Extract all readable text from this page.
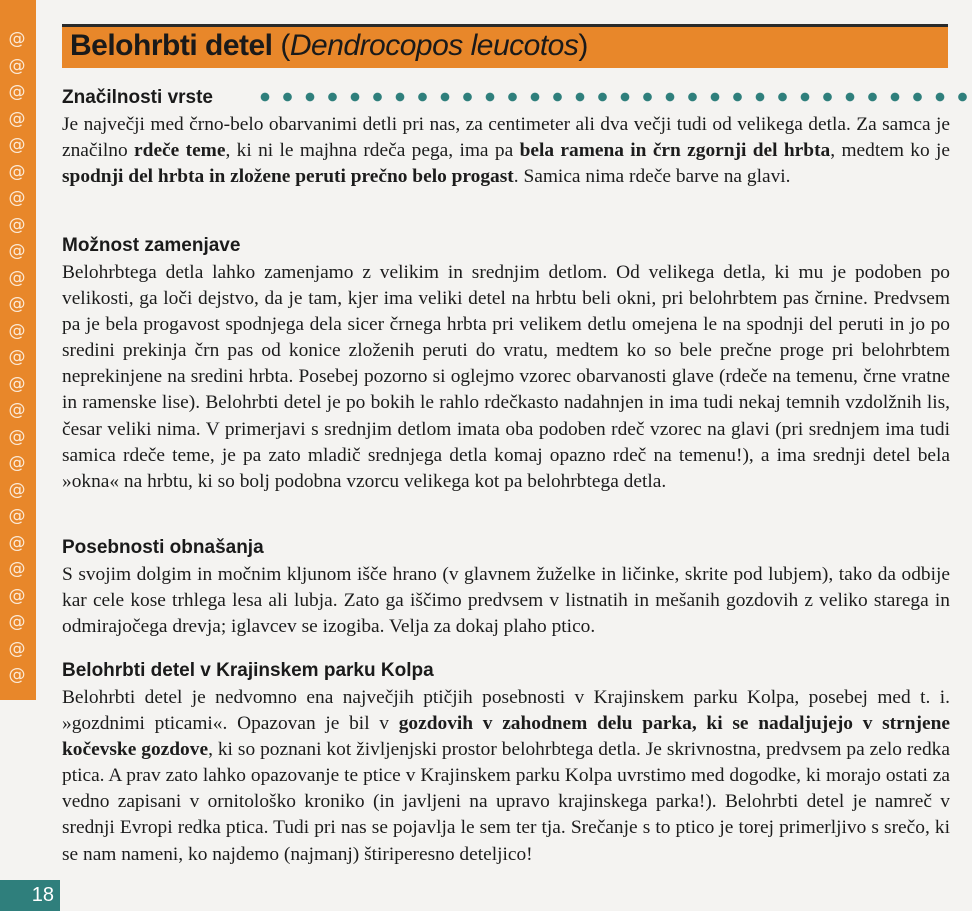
@
@
@
@
@
@
@
@
@
@
@
@
@
@
@
@
@
@
@
@
@
@
@
@
@
Belohrbti detel (Dendrocopos leucotos)
Značilnosti vrste
Je največji med črno-belo obarvanimi detli pri nas, za centimeter ali dva večji tudi od velikega detla. Za samca je značilno rdeče teme, ki ni le majhna rdeča pega, ima pa bela ramena in črn zgornji del hrbta, medtem ko je spodnji del hrbta in zložene peruti prečno belo progast. Samica nima rdeče barve na glavi.
Možnost zamenjave
Belohrbtega detla lahko zamenjamo z velikim in srednjim detlom. Od velikega detla, ki mu je podoben po velikosti, ga loči dejstvo, da je tam, kjer ima veliki detel na hrbtu beli okni, pri belohrbtem pas črnine. Predvsem pa je bela progavost spodnjega dela sicer črnega hrbta pri velikem detlu omejena le na spodnji del peruti in jo po sredini prekinja črn pas od konice zloženih peruti do vratu, medtem ko so bele prečne proge pri belohrbtem neprekinjene na sredini hrbta. Posebej pozorno si oglejmo vzorec obarvanosti glave (rdeče na temenu, črne vratne in ramenske lise). Belohrbti detel je po bokih le rahlo rdečkasto nadahnjen in ima tudi nekaj temnih vzdolžnih lis, česar veliki nima. V primerjavi s srednjim detlom imata oba podoben rdeč vzorec na glavi (pri srednjem ima tudi samica rdeče teme, je pa zato mladič srednjega detla komaj opazno rdeč na temenu!), a ima srednji detel bela »okna« na hrbtu, ki so bolj podobna vzorcu velikega kot pa belohrbtega detla.
Posebnosti obnašanja
S svojim dolgim in močnim kljunom išče hrano (v glavnem žuželke in ličinke, skrite pod lubjem), tako da odbije kar cele kose trhlega lesa ali lubja. Zato ga iščimo predvsem v listnatih in mešanih gozdovih z veliko starega in odmirajočega drevja; iglavcev se izogiba. Velja za dokaj plaho ptico.
Belohrbti detel v Krajinskem parku Kolpa
Belohrbti detel je nedvomno ena največjih ptičjih posebnosti v Krajinskem parku Kolpa, posebej med t. i. »gozdnimi pticami«. Opazovan je bil v gozdovih v zahodnem delu parka, ki se nadaljujejo v strnjene kočevske gozdove, ki so poznani kot življenjski prostor belohrbtega detla. Je skrivnostna, predvsem pa zelo redka ptica. A prav zato lahko opazovanje te ptice v Krajinskem parku Kolpa uvrstimo med dogodke, ki morajo ostati za vedno zapisani v ornitološko kroniko (in javljeni na upravo krajinskega parka!). Belohrbti detel je namreč v srednji Evropi redka ptica. Tudi pri nas se pojavlja le sem ter tja. Srečanje s to ptico je torej primerljivo s srečo, ki se nam nameni, ko najdemo (najmanj) štiriperesno deteljico!
18
